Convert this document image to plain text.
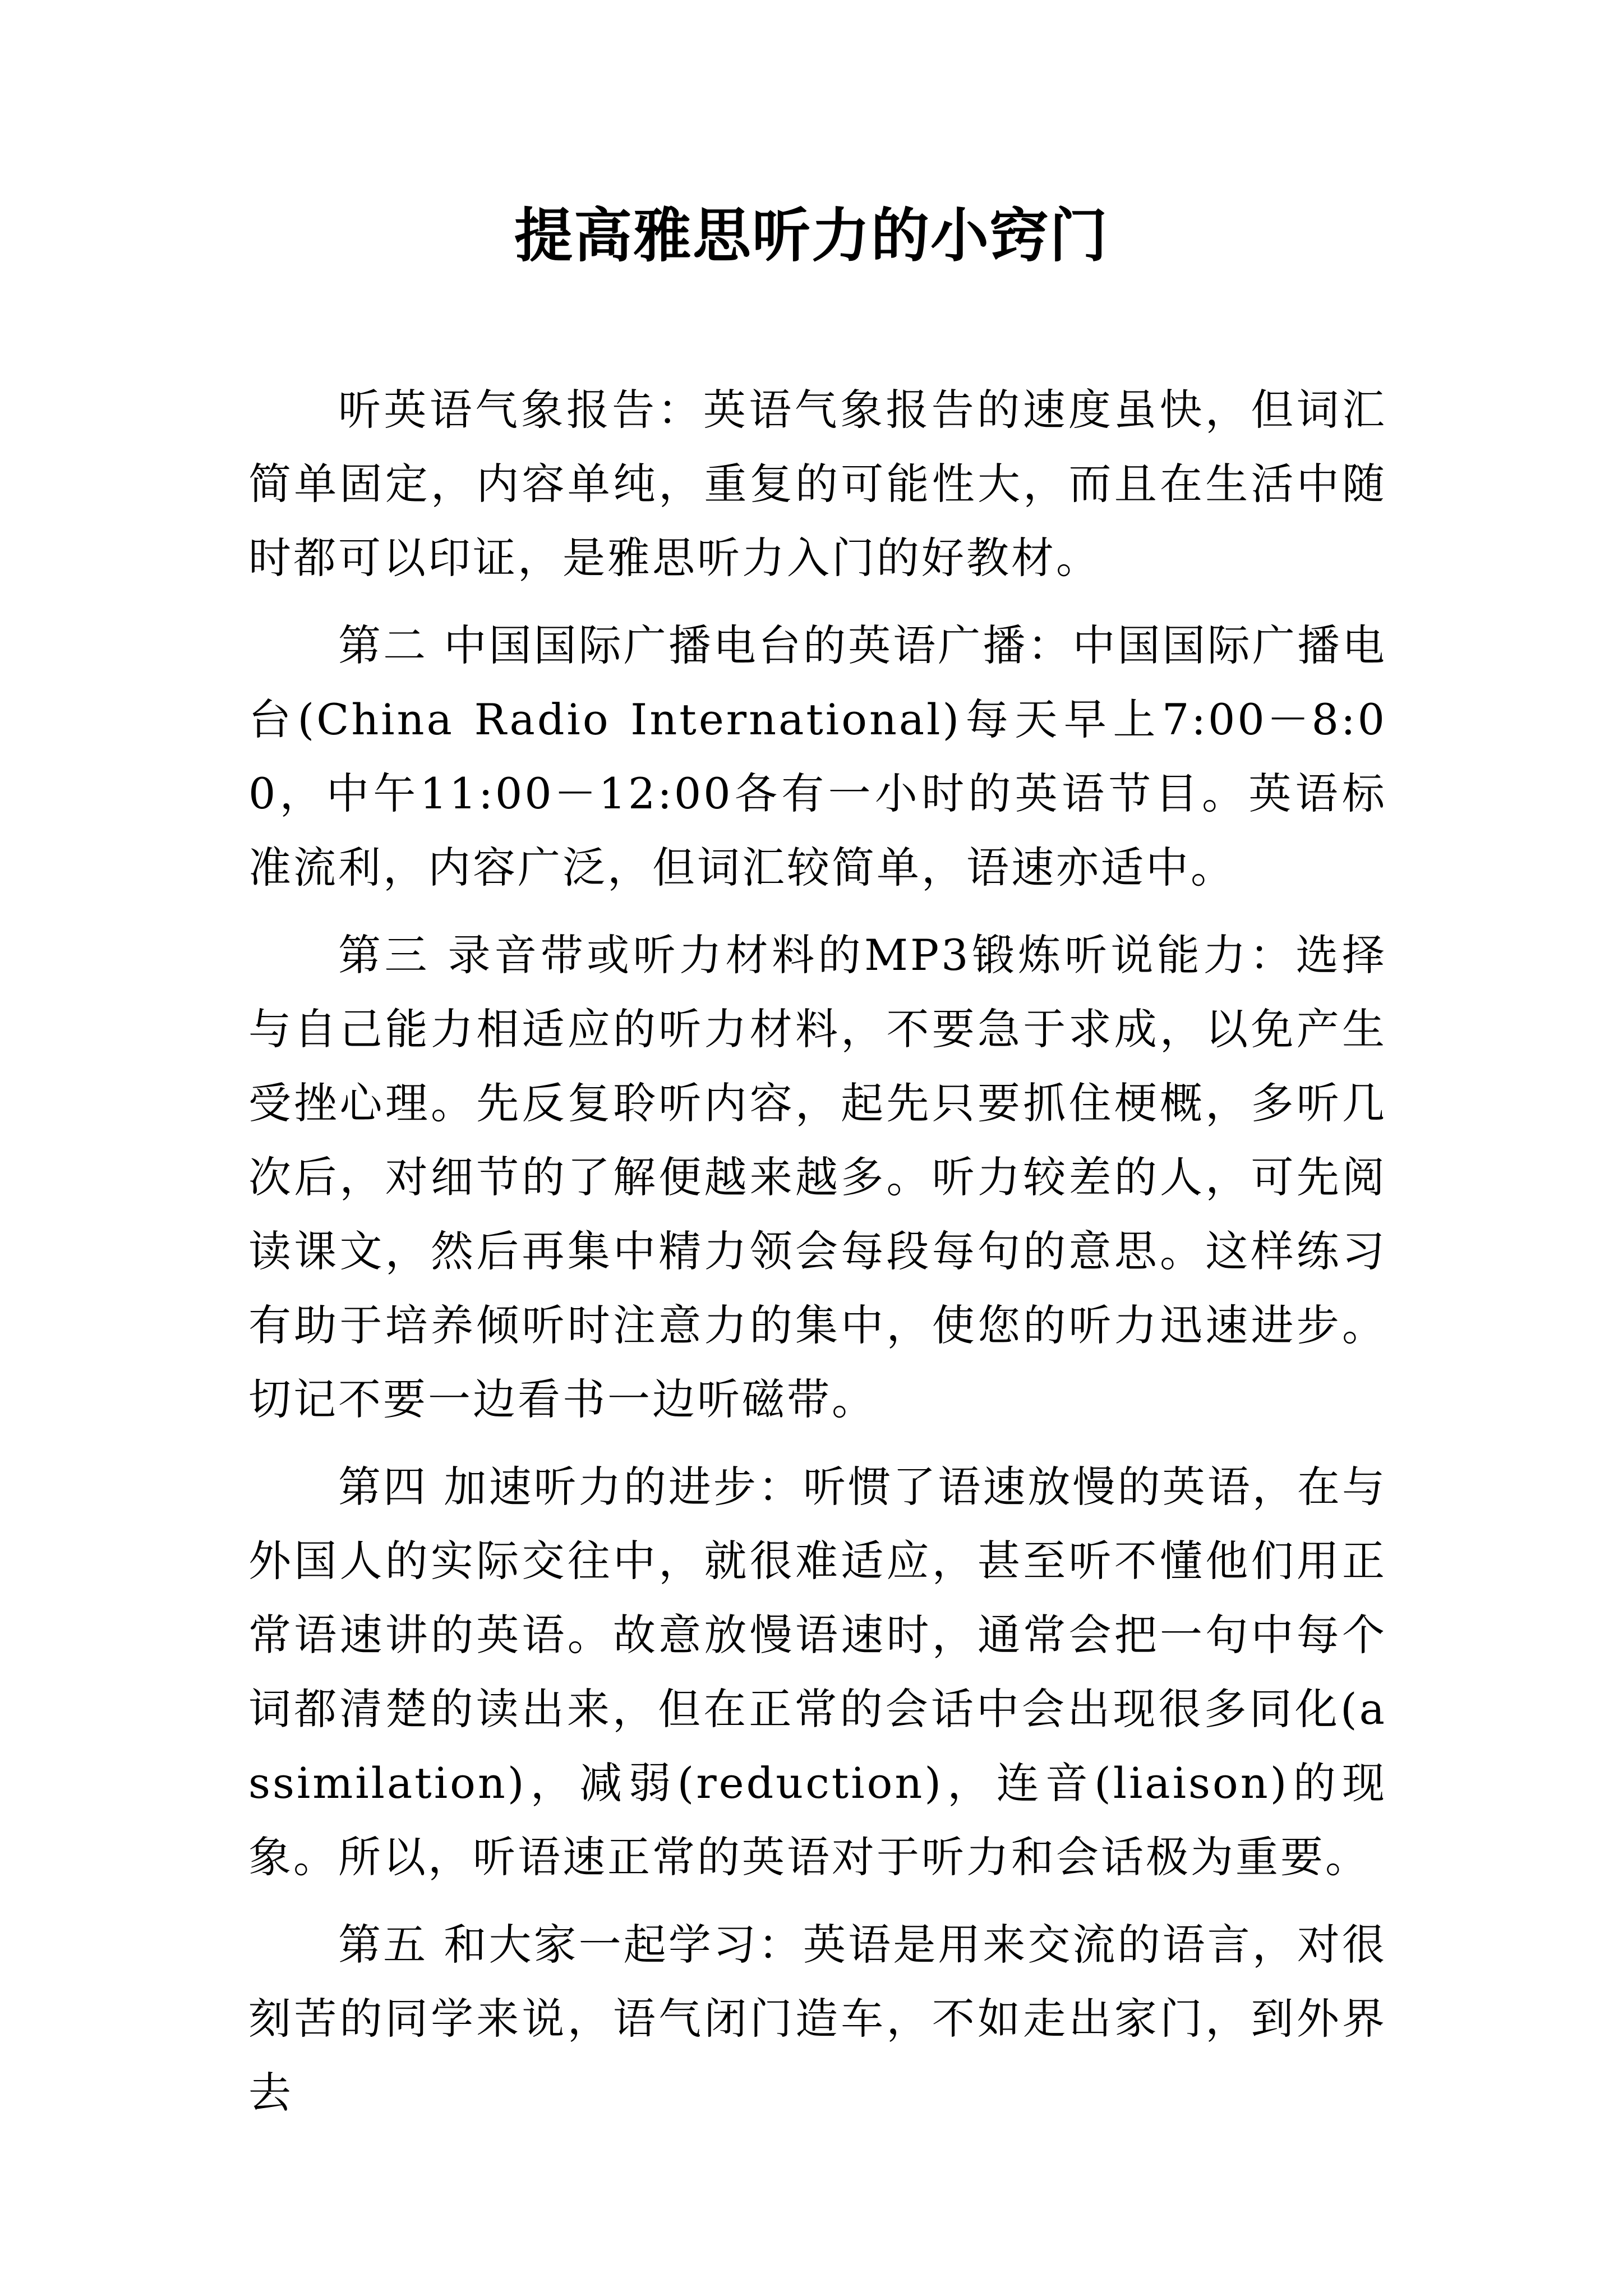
提高雅思听力的小窍门

听英语气象报告：英语气象报告的速度虽快，但词汇简单固定，内容单纯，重复的可能性大，而且在生活中随时都可以印证，是雅思听力入门的好教材。

第二 中国国际广播电台的英语广播：中国国际广播电台(China Radio International)每天早上7:00－8:00，中午11:00－12:00各有一小时的英语节目。英语标准流利，内容广泛，但词汇较简单，语速亦适中。

第三 录音带或听力材料的MP3锻炼听说能力：选择与自己能力相适应的听力材料，不要急于求成，以免产生受挫心理。先反复聆听内容，起先只要抓住梗概，多听几次后，对细节的了解便越来越多。听力较差的人，可先阅读课文，然后再集中精力领会每段每句的意思。这样练习有助于培养倾听时注意力的集中，使您的听力迅速进步。切记不要一边看书一边听磁带。

第四 加速听力的进步：听惯了语速放慢的英语，在与外国人的实际交往中，就很难适应，甚至听不懂他们用正常语速讲的英语。故意放慢语速时，通常会把一句中每个词都清楚的读出来，但在正常的会话中会出现很多同化(assimilation)，减弱(reduction)，连音(liaison)的现象。所以，听语速正常的英语对于听力和会话极为重要。

第五 和大家一起学习：英语是用来交流的语言，对很刻苦的同学来说，语气闭门造车，不如走出家门，到外界去
